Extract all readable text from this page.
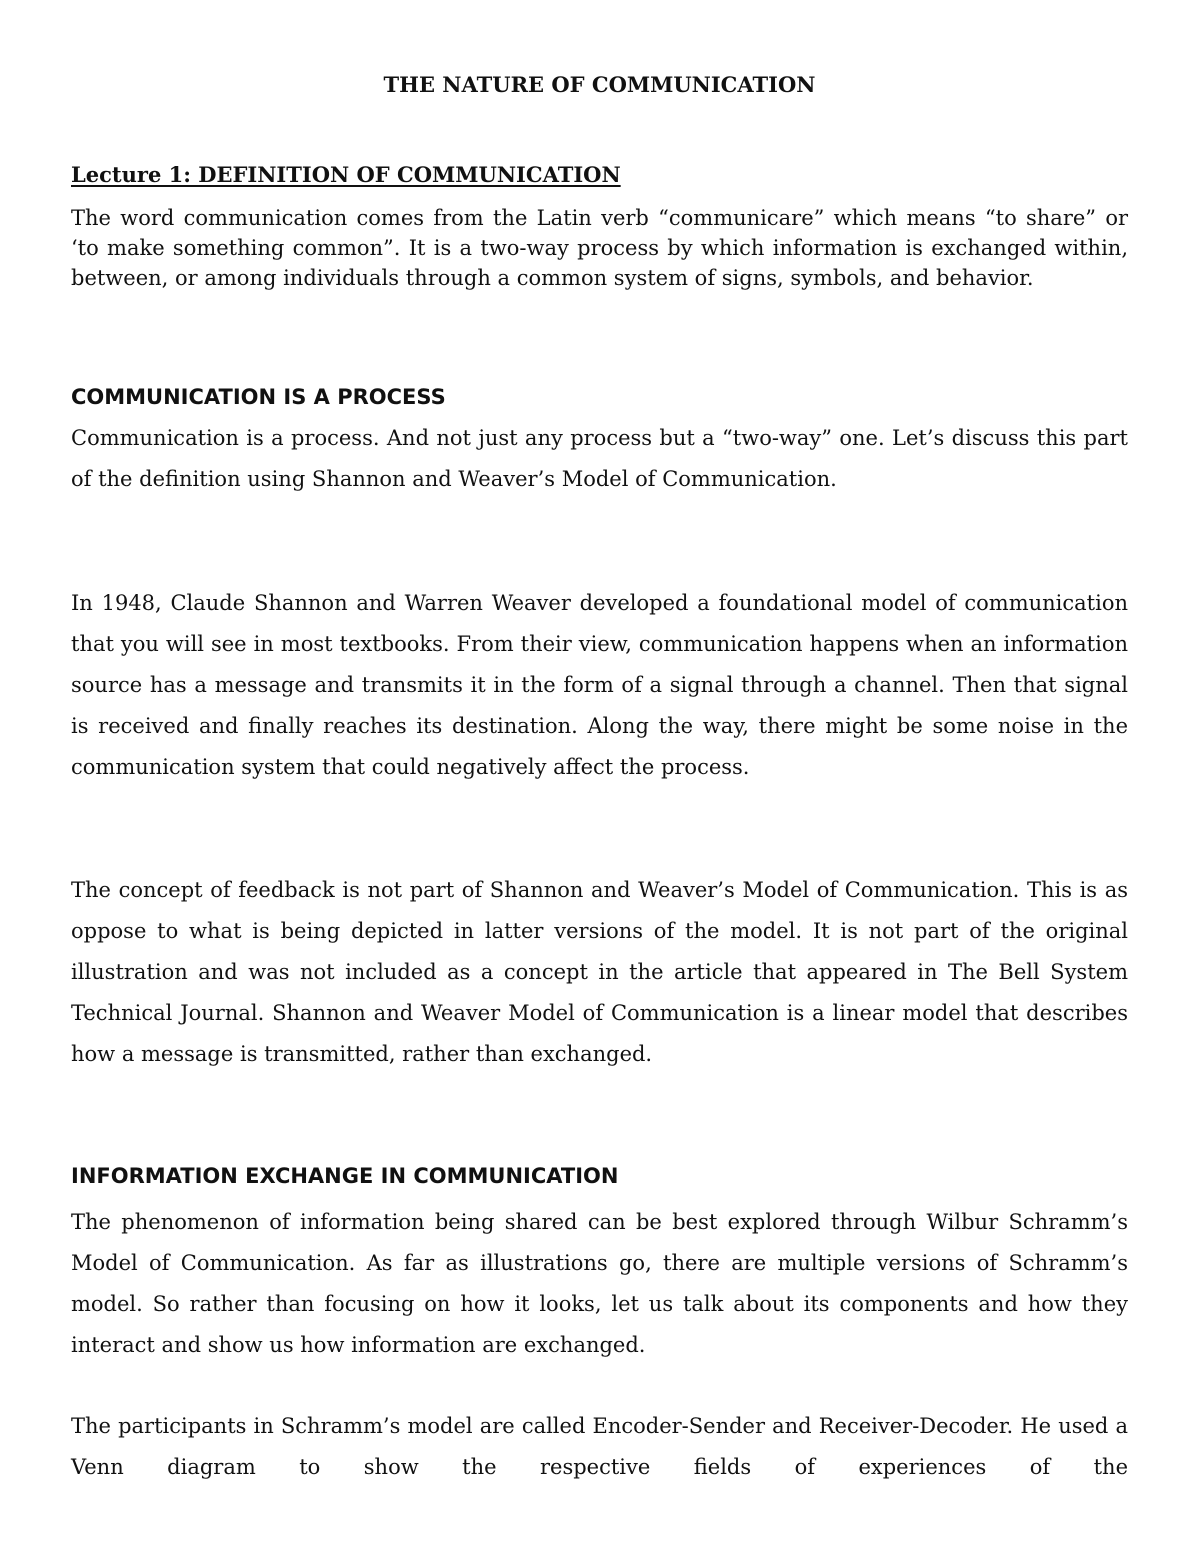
THE NATURE OF COMMUNICATION
Lecture 1: DEFINITION OF COMMUNICATION

The word communication comes from the Latin verb “communicare” which means “to share” or ‘to make something common”. It is a two-way process by which information is exchanged within, between, or among individuals through a common system of signs, symbols, and behavior.

COMMUNICATION IS A PROCESS

Communication is a process. And not just any process but a “two-way” one. Let’s discuss this part of the definition using Shannon and Weaver’s Model of Communication.

In 1948, Claude Shannon and Warren Weaver developed a foundational model of communication that you will see in most textbooks. From their view, communication happens when an information source has a message and transmits it in the form of a signal through a channel. Then that signal is received and finally reaches its destination. Along the way, there might be some noise in the communication system that could negatively affect the process.

The concept of feedback is not part of Shannon and Weaver’s Model of Communication. This is as oppose to what is being depicted in latter versions of the model. It is not part of the original illustration and was not included as a concept in the article that appeared in The Bell System Technical Journal. Shannon and Weaver Model of Communication is a linear model that describes how a message is transmitted, rather than exchanged.

INFORMATION EXCHANGE IN COMMUNICATION

The phenomenon of information being shared can be best explored through Wilbur Schramm’s Model of Communication. As far as illustrations go, there are multiple versions of Schramm’s model. So rather than focusing on how it looks, let us talk about its components and how they interact and show us how information are exchanged.

The participants in Schramm’s model are called Encoder-Sender and Receiver-Decoder. He used a Venn diagram to show the respective fields of experiences of the
